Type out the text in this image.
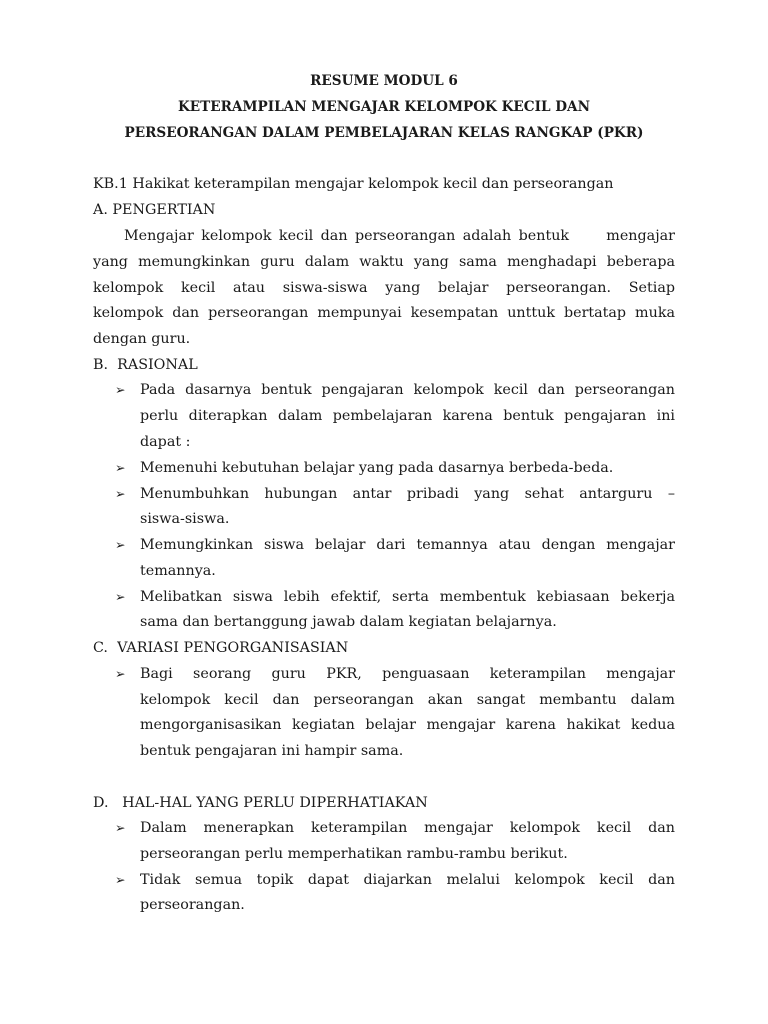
RESUME MODUL 6
KETERAMPILAN MENGAJAR KELOMPOK KECIL DAN
PERSEORANGAN DALAM PEMBELAJARAN KELAS RANGKAP (PKR)
KB.1 Hakikat keterampilan mengajar kelompok kecil dan perseorangan
A. PENGERTIAN
Mengajar kelompok kecil dan perseorangan adalah bentuk     mengajar
yang memungkinkan guru dalam waktu yang sama menghadapi beberapa
kelompok kecil atau siswa-siswa yang belajar perseorangan. Setiap
kelompok dan perseorangan mempunyai kesempatan unttuk bertatap muka
dengan guru.
B.  RASIONAL
➢ Pada dasarnya bentuk pengajaran kelompok kecil dan perseorangan
perlu diterapkan dalam pembelajaran karena bentuk pengajaran ini
dapat :
➢ Memenuhi kebutuhan belajar yang pada dasarnya berbeda-beda.
➢ Menumbuhkan hubungan antar pribadi yang sehat antarguru –
siswa-siswa.
➢ Memungkinkan siswa belajar dari temannya atau dengan mengajar
temannya.
➢ Melibatkan siswa lebih efektif, serta membentuk kebiasaan bekerja
sama dan bertanggung jawab dalam kegiatan belajarnya.
C.  VARIASI PENGORGANISASIAN
➢ Bagi seorang guru PKR, penguasaan keterampilan mengajar
kelompok kecil dan perseorangan akan sangat membantu dalam
mengorganisasikan kegiatan belajar mengajar karena hakikat kedua
bentuk pengajaran ini hampir sama.
D.   HAL-HAL YANG PERLU DIPERHATIAKAN
➢ Dalam menerapkan keterampilan mengajar kelompok kecil dan
perseorangan perlu memperhatikan rambu-rambu berikut.
➢ Tidak semua topik dapat diajarkan melalui kelompok kecil dan
perseorangan.
